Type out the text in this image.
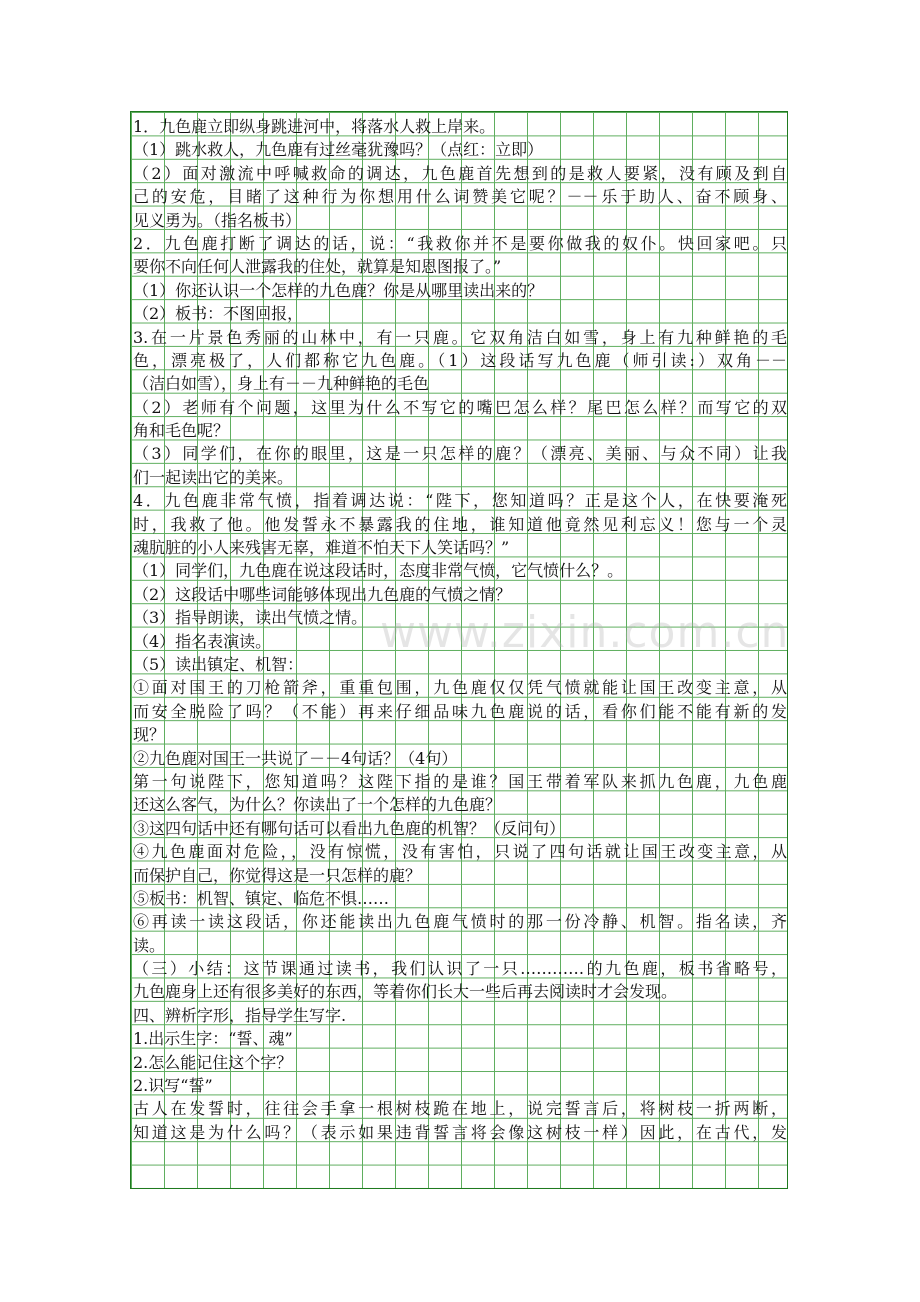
1．九色鹿立即纵身跳进河中，将落水人救上岸来。
（1）跳水救人，九色鹿有过丝毫犹豫吗？（点红：立即）
（2）面对激流中呼喊救命的调达，九色鹿首先想到的是救人要紧，没有顾及到自
己的安危，目睹了这种行为你想用什么词赞美它呢？－－乐于助人、奋不顾身、
见义勇为。（指名板书）
2．九色鹿打断了调达的话，说：“我救你并不是要你做我的奴仆。快回家吧。只
要你不向任何人泄露我的住处，就算是知恩图报了。”
（1）你还认识一个怎样的九色鹿？你是从哪里读出来的？
（2）板书：不图回报，
3.在一片景色秀丽的山林中，有一只鹿。它双角洁白如雪，身上有九种鲜艳的毛
色，漂亮极了，人们都称它九色鹿。（1）这段话写九色鹿（师引读:）双角－－
（洁白如雪），身上有－－九种鲜艳的毛色
（2）老师有个问题，这里为什么不写它的嘴巴怎么样？尾巴怎么样？而写它的双
角和毛色呢？
（3）同学们，在你的眼里，这是一只怎样的鹿？（漂亮、美丽、与众不同）让我
们一起读出它的美来。
4．九色鹿非常气愤，指着调达说：“陛下，您知道吗？正是这个人，在快要淹死
时，我救了他。他发誓永不暴露我的住地，谁知道他竟然见利忘义！您与一个灵
魂肮脏的小人来残害无辜，难道不怕天下人笑话吗？”
（1）同学们，九色鹿在说这段话时，态度非常气愤，它气愤什么？。
（2）这段话中哪些词能够体现出九色鹿的气愤之情？
（3）指导朗读，读出气愤之情。
（4）指名表演读。
（5）读出镇定、机智：
①面对国王的刀枪箭斧，重重包围，九色鹿仅仅凭气愤就能让国王改变主意，从
而安全脱险了吗？（不能）再来仔细品味九色鹿说的话，看你们能不能有新的发
现？
②九色鹿对国王一共说了－－4句话？（4句）
第一句说陛下，您知道吗？这陛下指的是谁？国王带着军队来抓九色鹿，九色鹿
还这么客气，为什么？你读出了一个怎样的九色鹿？
③这四句话中还有哪句话可以看出九色鹿的机智？（反问句）
④九色鹿面对危险，，没有惊慌，没有害怕，只说了四句话就让国王改变主意，从
而保护自己，你觉得这是一只怎样的鹿？
⑤板书：机智、镇定、临危不惧……
⑥再读一读这段话，你还能读出九色鹿气愤时的那一份冷静、机智。指名读，齐
读。
（三）小结：这节课通过读书，我们认识了一只…………的九色鹿，板书省略号，
九色鹿身上还有很多美好的东西，等着你们长大一些后再去阅读时才会发现。
四、辨析字形，指导学生写字.
1.出示生字：“誓、魂”
2.怎么能记住这个字？
2.识写“誓”
古人在发誓时，往往会手拿一根树枝跪在地上，说完誓言后，将树枝一折两断，
知道这是为什么吗？（表示如果违背誓言将会像这树枝一样）因此，在古代，发
www.zixin.com.cn
